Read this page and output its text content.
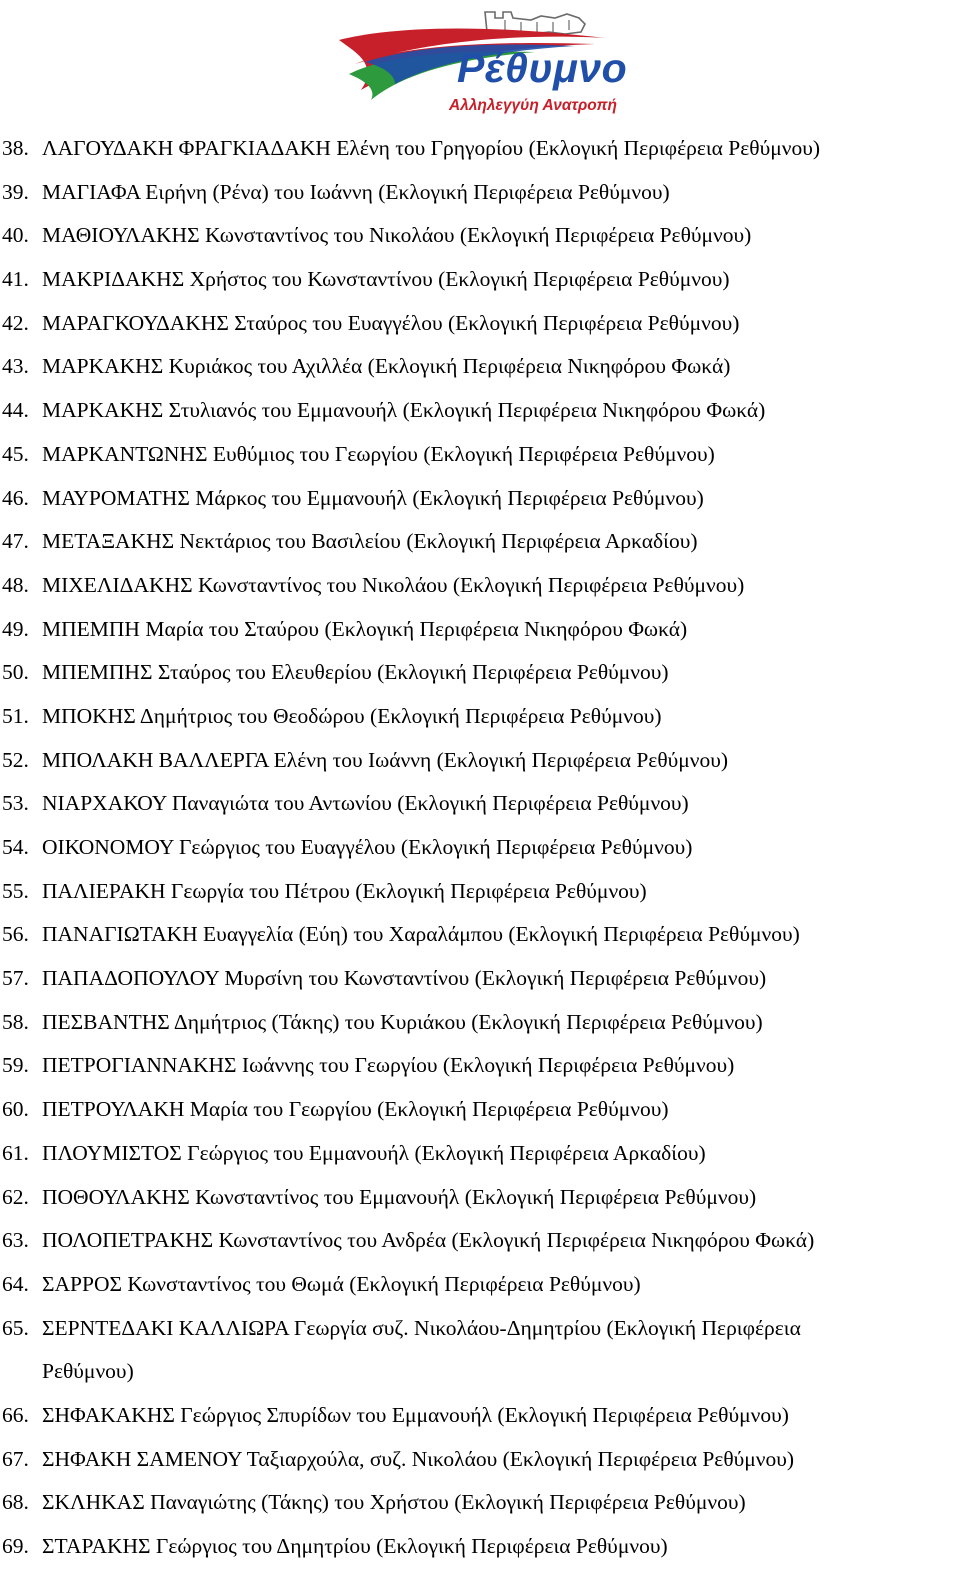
Ρέθυμνο
Αλληλεγγύη Ανατροπή
38. ΛΑΓΟΥΔΑΚΗ ΦΡΑΓΚΙΑΔΑΚΗ Ελένη του Γρηγορίου (Εκλογική Περιφέρεια Ρεθύμνου)
39. ΜΑΓΙΑΦΑ Ειρήνη (Ρένα) του Ιωάννη (Εκλογική Περιφέρεια Ρεθύμνου)
40. ΜΑΘΙΟΥΛΑΚΗΣ Κωνσταντίνος του Νικολάου (Εκλογική Περιφέρεια Ρεθύμνου)
41. ΜΑΚΡΙΔΑΚΗΣ Χρήστος του Κωνσταντίνου (Εκλογική Περιφέρεια Ρεθύμνου)
42. ΜΑΡΑΓΚΟΥΔΑΚΗΣ Σταύρος του Ευαγγέλου (Εκλογική Περιφέρεια Ρεθύμνου)
43. ΜΑΡΚΑΚΗΣ Κυριάκος του Αχιλλέα (Εκλογική Περιφέρεια Νικηφόρου Φωκά)
44. ΜΑΡΚΑΚΗΣ Στυλιανός του Εμμανουήλ (Εκλογική Περιφέρεια Νικηφόρου Φωκά)
45. ΜΑΡΚΑΝΤΩΝΗΣ Ευθύμιος του Γεωργίου (Εκλογική Περιφέρεια Ρεθύμνου)
46. ΜΑΥΡΟΜΑΤΗΣ Μάρκος του Εμμανουήλ (Εκλογική Περιφέρεια Ρεθύμνου)
47. ΜΕΤΑΞΑΚΗΣ Νεκτάριος του Βασιλείου (Εκλογική Περιφέρεια Αρκαδίου)
48. ΜΙΧΕΛΙΔΑΚΗΣ Κωνσταντίνος του Νικολάου (Εκλογική Περιφέρεια Ρεθύμνου)
49. ΜΠΕΜΠΗ Μαρία του Σταύρου (Εκλογική Περιφέρεια Νικηφόρου Φωκά)
50. ΜΠΕΜΠΗΣ Σταύρος του Ελευθερίου (Εκλογική Περιφέρεια Ρεθύμνου)
51. ΜΠΟΚΗΣ Δημήτριος του Θεοδώρου (Εκλογική Περιφέρεια Ρεθύμνου)
52. ΜΠΟΛΑΚΗ ΒΑΛΛΕΡΓΑ Ελένη του Ιωάννη (Εκλογική Περιφέρεια Ρεθύμνου)
53. ΝΙΑΡΧΑΚΟΥ Παναγιώτα του Αντωνίου (Εκλογική Περιφέρεια Ρεθύμνου)
54. ΟΙΚΟΝΟΜΟΥ Γεώργιος του Ευαγγέλου (Εκλογική Περιφέρεια Ρεθύμνου)
55. ΠΑΛΙΕΡΑΚΗ Γεωργία του Πέτρου (Εκλογική Περιφέρεια Ρεθύμνου)
56. ΠΑΝΑΓΙΩΤΑΚΗ Ευαγγελία (Εύη) του Χαραλάμπου (Εκλογική Περιφέρεια Ρεθύμνου)
57. ΠΑΠΑΔΟΠΟΥΛΟΥ Μυρσίνη του Κωνσταντίνου (Εκλογική Περιφέρεια Ρεθύμνου)
58. ΠΕΣΒΑΝΤΗΣ Δημήτριος (Τάκης) του Κυριάκου (Εκλογική Περιφέρεια Ρεθύμνου)
59. ΠΕΤΡΟΓΙΑΝΝΑΚΗΣ Ιωάννης του Γεωργίου (Εκλογική Περιφέρεια Ρεθύμνου)
60. ΠΕΤΡΟΥΛΑΚΗ Μαρία του Γεωργίου (Εκλογική Περιφέρεια Ρεθύμνου)
61. ΠΛΟΥΜΙΣΤΟΣ Γεώργιος του Εμμανουήλ (Εκλογική Περιφέρεια Αρκαδίου)
62. ΠΟΘΟΥΛΑΚΗΣ Κωνσταντίνος του Εμμανουήλ (Εκλογική Περιφέρεια Ρεθύμνου)
63. ΠΟΛΟΠΕΤΡΑΚΗΣ Κωνσταντίνος του Ανδρέα (Εκλογική Περιφέρεια Νικηφόρου Φωκά)
64. ΣΑΡΡΟΣ Κωνσταντίνος του Θωμά (Εκλογική Περιφέρεια Ρεθύμνου)
65. ΣΕΡΝΤΕΔΑΚΙ ΚΑΛΛΙΩΡΑ Γεωργία συζ. Νικολάου-Δημητρίου (Εκλογική Περιφέρεια
Ρεθύμνου)
66. ΣΗΦΑΚΑΚΗΣ Γεώργιος Σπυρίδων του Εμμανουήλ (Εκλογική Περιφέρεια Ρεθύμνου)
67. ΣΗΦΑΚΗ ΣΑΜΕΝΟΥ Ταξιαρχούλα, συζ. Νικολάου (Εκλογική Περιφέρεια Ρεθύμνου)
68. ΣΚΛΗΚΑΣ Παναγιώτης (Τάκης) του Χρήστου (Εκλογική Περιφέρεια Ρεθύμνου)
69. ΣΤΑΡΑΚΗΣ Γεώργιος του Δημητρίου (Εκλογική Περιφέρεια Ρεθύμνου)
